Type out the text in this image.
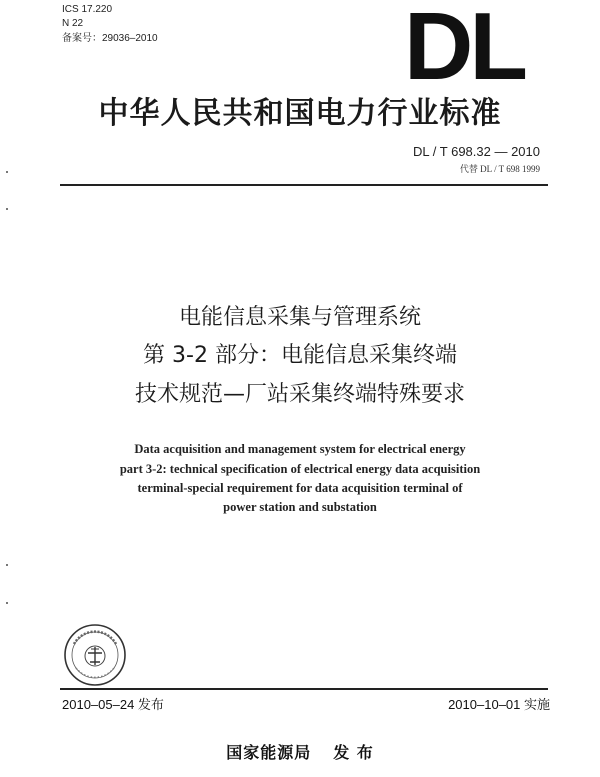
ICS 17.220
N 22
备案号：29036–2010	DL
中华人民共和国电力行业标准
DL / T 698.32 — 2010
代替 DL / T 698 1999
电能信息采集与管理系统
第 3-2 部分：电能信息采集终端
技术规范—厂站采集终端特殊要求
Data acquisition and management system for electrical energy
part 3-2: technical specification of electrical energy data acquisition
terminal-special requirement for data acquisition terminal of
power station and substation
2010–05–24 发布	2010–10–01 实施
国家能源局 发 布
